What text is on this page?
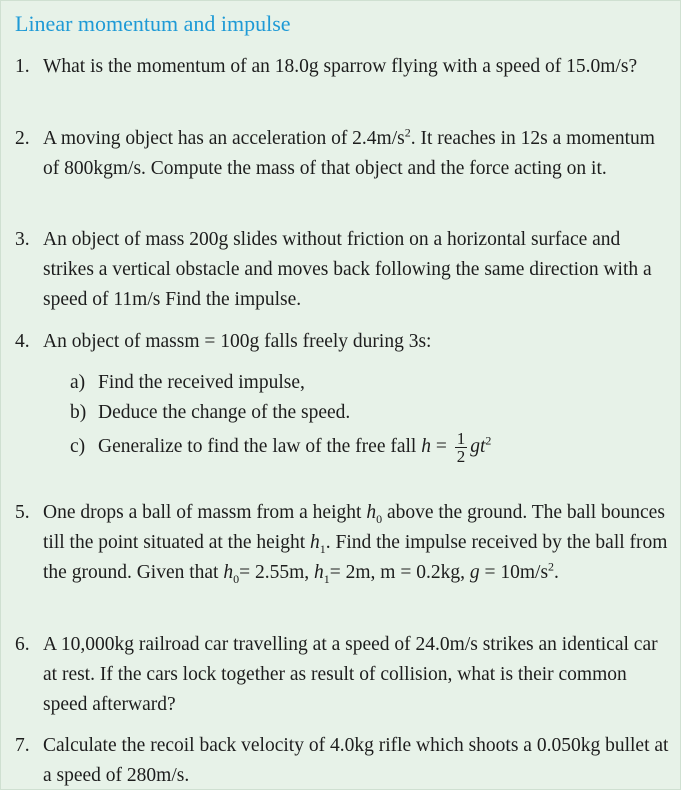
Linear momentum and impulse
1. What is the momentum of an 18.0g sparrow flying with a speed of 15.0m/s?
2. A moving object has an acceleration of $2.4m/s^2$. It reaches in 12s a momentum of 800kgm/s. Compute the mass of that object and the force acting on it.
3. An object of mass 200g slides without friction on a horizontal surface and strikes a vertical obstacle and moves back following the same direction with a speed of 11m/s Find the impulse.
4. An object of massm = 100g falls freely during 3s:
a) Find the received impulse,
b) Deduce the change of the speed.
c) Generalize to find the law of the free fall $h = \frac{1}{2} gt^2$
5. One drops a ball of massm from a height $h_0$ above the ground. The ball bounces till the point situated at the height $h_1$. Find the impulse received by the ball from the ground. Given that $h_0= 2.55m$, $h_1= 2m$, m = 0.2kg, $g = 10m/s^2$.
6. A 10,000kg railroad car travelling at a speed of 24.0m/s strikes an identical car at rest. If the cars lock together as result of collision, what is their common speed afterward?
7. Calculate the recoil back velocity of 4.0kg rifle which shoots a 0.050kg bullet at a speed of 280m/s.
